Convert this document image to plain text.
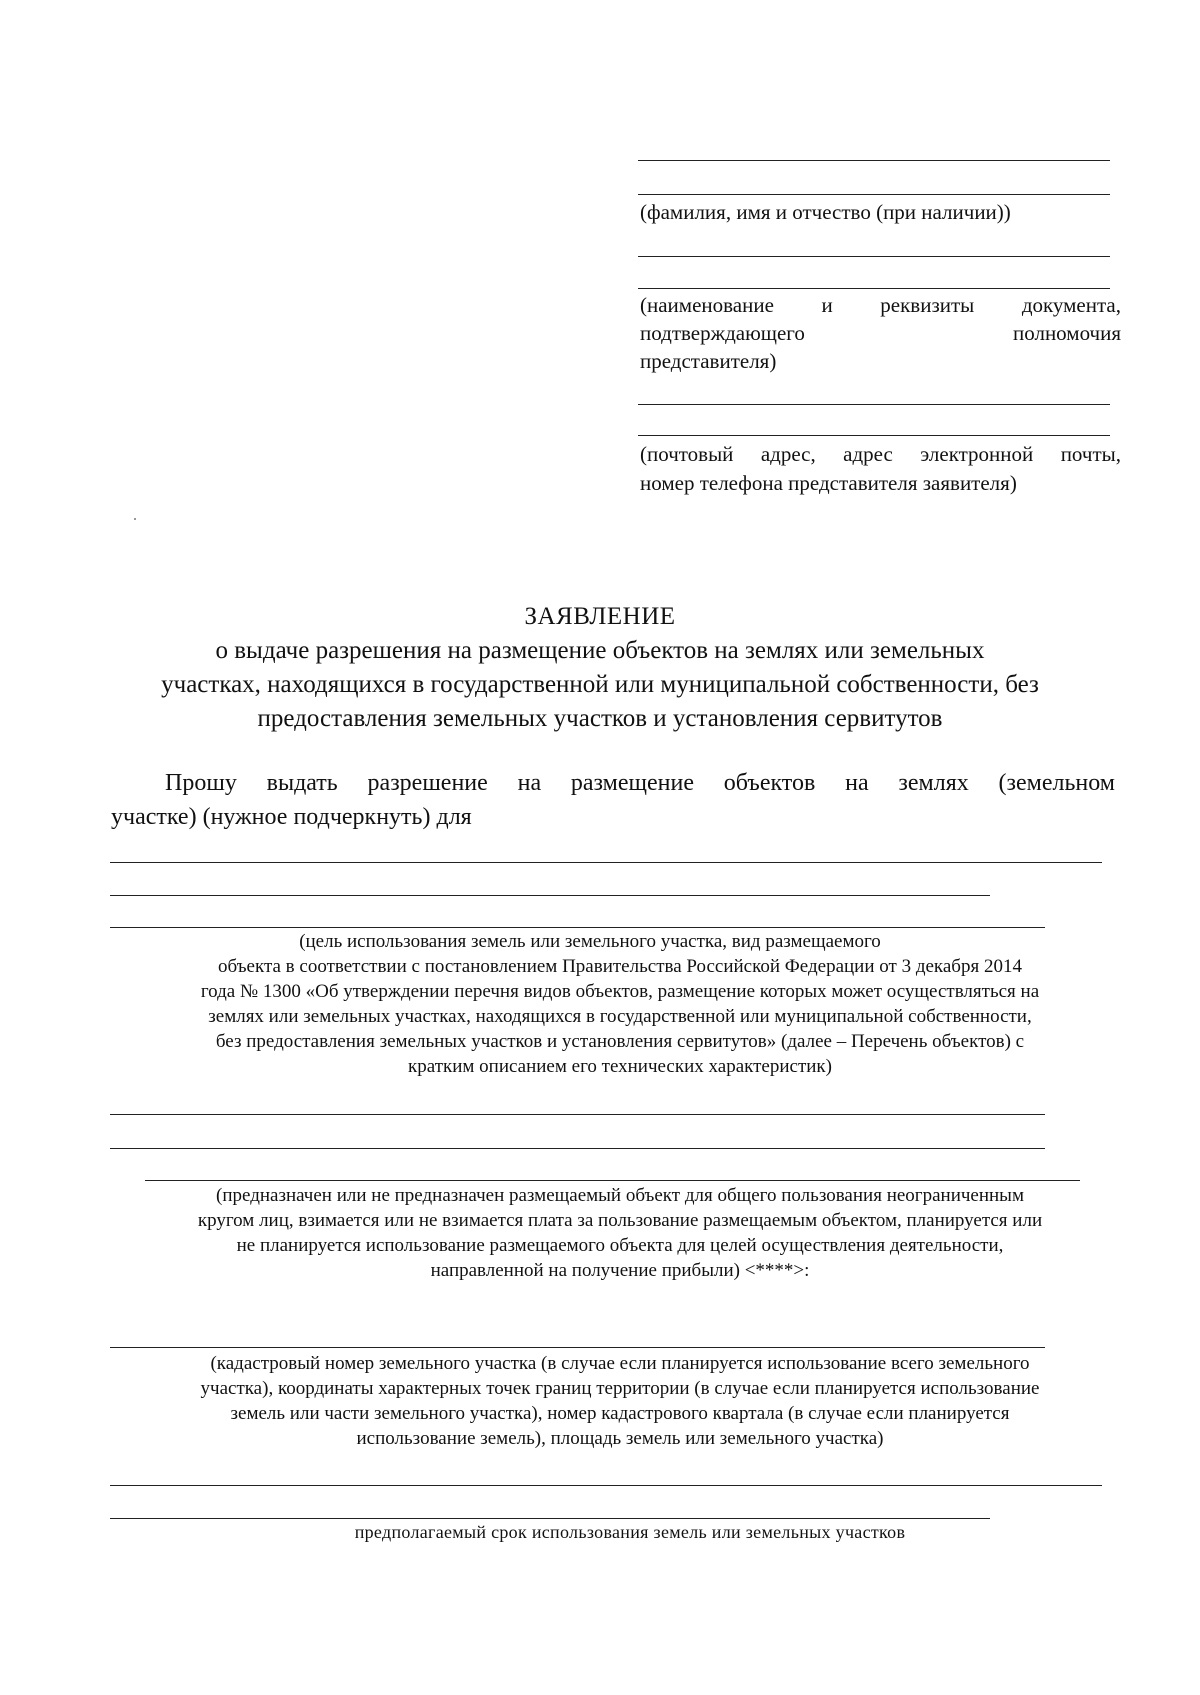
(фамилия, имя и отчество (при наличии))
(наименование и реквизиты документа,
подтверждающего полномочия
представителя)
(почтовый адрес, адрес электронной почты,
номер телефона представителя заявителя)
ЗАЯВЛЕНИЕ
о выдаче разрешения на размещение объектов на землях или земельных
участках, находящихся в государственной или муниципальной собственности, без
предоставления земельных участков и установления сервитутов
Прошу выдать разрешение на размещение объектов на землях (земельном
участке) (нужное подчеркнуть) для
(цель использования земель или земельного участка, вид размещаемого
объекта в соответствии с постановлением Правительства Российской Федерации от 3 декабря 2014
года № 1300 «Об утверждении перечня видов объектов, размещение которых может осуществляться на
землях или земельных участках, находящихся в государственной или муниципальной собственности,
без предоставления земельных участков и установления сервитутов» (далее – Перечень объектов) с
кратким описанием его технических характеристик)
(предназначен или не предназначен размещаемый объект для общего пользования неограниченным
кругом лиц, взимается или не взимается плата за пользование размещаемым объектом, планируется или
не планируется использование размещаемого объекта для целей осуществления деятельности,
направленной на получение прибыли) <****>:
(кадастровый номер земельного участка (в случае если планируется использование всего земельного
участка), координаты характерных точек границ территории (в случае если планируется использование
земель или части земельного участка), номер кадастрового квартала (в случае если планируется
использование земель), площадь земель или земельного участка)
предполагаемый срок использования земель или земельных участков
